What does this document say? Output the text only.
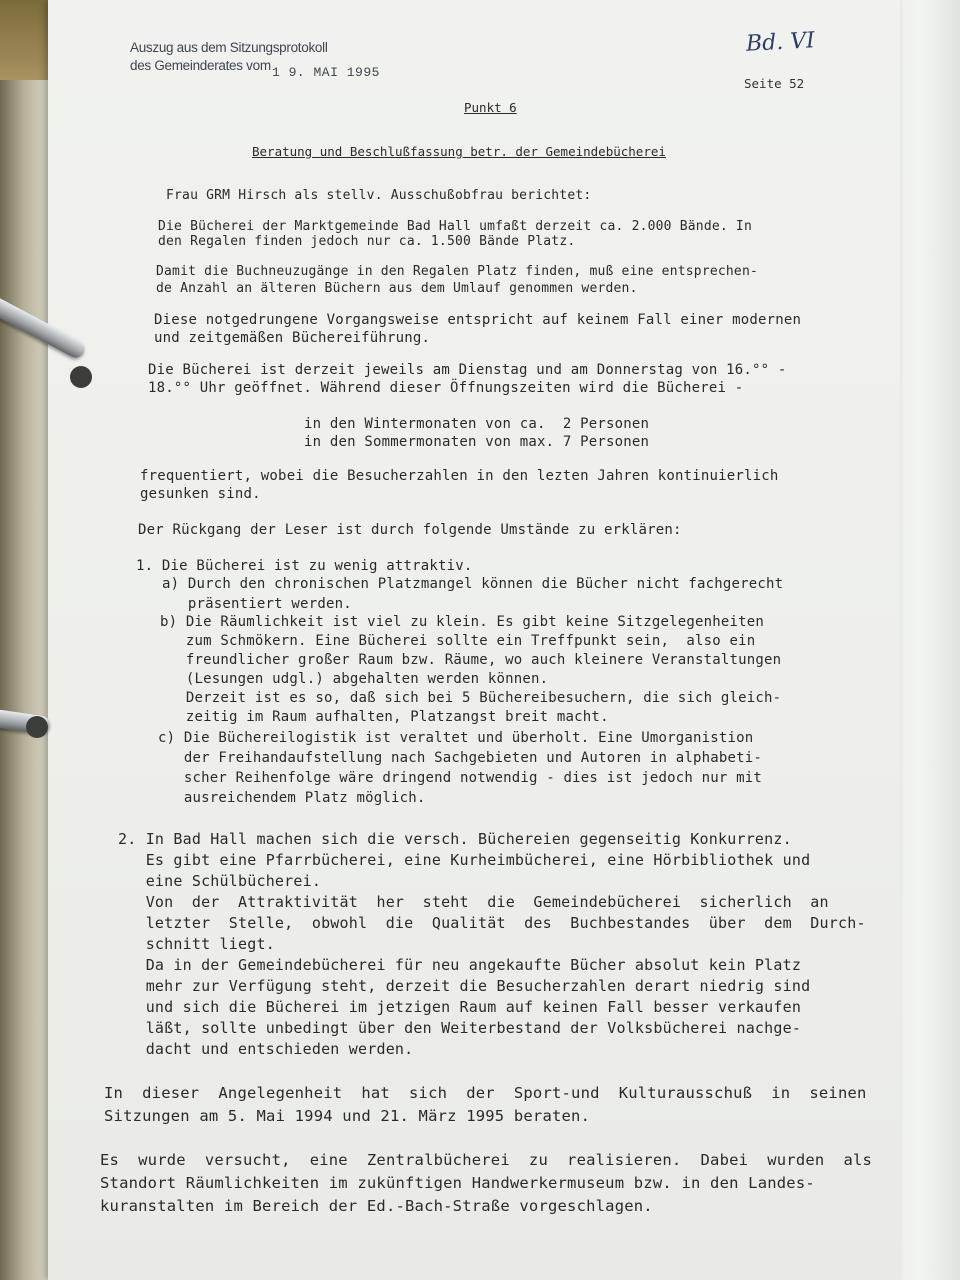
Auszug aus dem Sitzungsprotokoll
des Gemeinderates vom 1 9. MAI 1995
Bd. VI
Seite 52
Punkt 6
Beratung und Beschlußfassung betr. der Gemeindebücherei
Frau GRM Hirsch als stellv. Ausschußobfrau berichtet:
Die Bücherei der Marktgemeinde Bad Hall umfaßt derzeit ca. 2.000 Bände. In
den Regalen finden jedoch nur ca. 1.500 Bände Platz.
Damit die Buchneuzugänge in den Regalen Platz finden, muß eine entsprechen-
de Anzahl an älteren Büchern aus dem Umlauf genommen werden.
Diese notgedrungene Vorgangsweise entspricht auf keinem Fall einer modernen
und zeitgemäßen Büchereiführung.
Die Bücherei ist derzeit jeweils am Dienstag und am Donnerstag von 16.°° -
18.°° Uhr geöffnet. Während dieser Öffnungszeiten wird die Bücherei -
in den Wintermonaten von ca.  2 Personen
in den Sommermonaten von max. 7 Personen
frequentiert, wobei die Besucherzahlen in den lezten Jahren kontinuierlich
gesunken sind.
Der Rückgang der Leser ist durch folgende Umstände zu erklären:
1. Die Bücherei ist zu wenig attraktiv.
a) Durch den chronischen Platzmangel können die Bücher nicht fachgerecht
präsentiert werden.
b) Die Räumlichkeit ist viel zu klein. Es gibt keine Sitzgelegenheiten
zum Schmökern. Eine Bücherei sollte ein Treffpunkt sein,  also ein
freundlicher großer Raum bzw. Räume, wo auch kleinere Veranstaltungen
(Lesungen udgl.) abgehalten werden können.
Derzeit ist es so, daß sich bei 5 Büchereibesuchern, die sich gleich-
zeitig im Raum aufhalten, Platzangst breit macht.
c) Die Büchereilogistik ist veraltet und überholt. Eine Umorganistion
der Freihandaufstellung nach Sachgebieten und Autoren in alphabeti-
scher Reihenfolge wäre dringend notwendig - dies ist jedoch nur mit
ausreichendem Platz möglich.
2. In Bad Hall machen sich die versch. Büchereien gegenseitig Konkurrenz.
Es gibt eine Pfarrbücherei, eine Kurheimbücherei, eine Hörbibliothek und
eine Schülbücherei.
Von  der  Attraktivität  her  steht  die  Gemeindebücherei  sicherlich  an
letzter  Stelle,  obwohl  die  Qualität  des  Buchbestandes  über  dem  Durch-
schnitt liegt.
Da in der Gemeindebücherei für neu angekaufte Bücher absolut kein Platz
mehr zur Verfügung steht, derzeit die Besucherzahlen derart niedrig sind
und sich die Bücherei im jetzigen Raum auf keinen Fall besser verkaufen
läßt, sollte unbedingt über den Weiterbestand der Volksbücherei nachge-
dacht und entschieden werden.
In  dieser  Angelegenheit  hat  sich  der  Sport-und  Kulturausschuß  in  seinen
Sitzungen am 5. Mai 1994 und 21. März 1995 beraten.
Es  wurde  versucht,  eine  Zentralbücherei  zu  realisieren.  Dabei  wurden  als
Standort Räumlichkeiten im zukünftigen Handwerkermuseum bzw. in den Landes-
kuranstalten im Bereich der Ed.-Bach-Straße vorgeschlagen.
